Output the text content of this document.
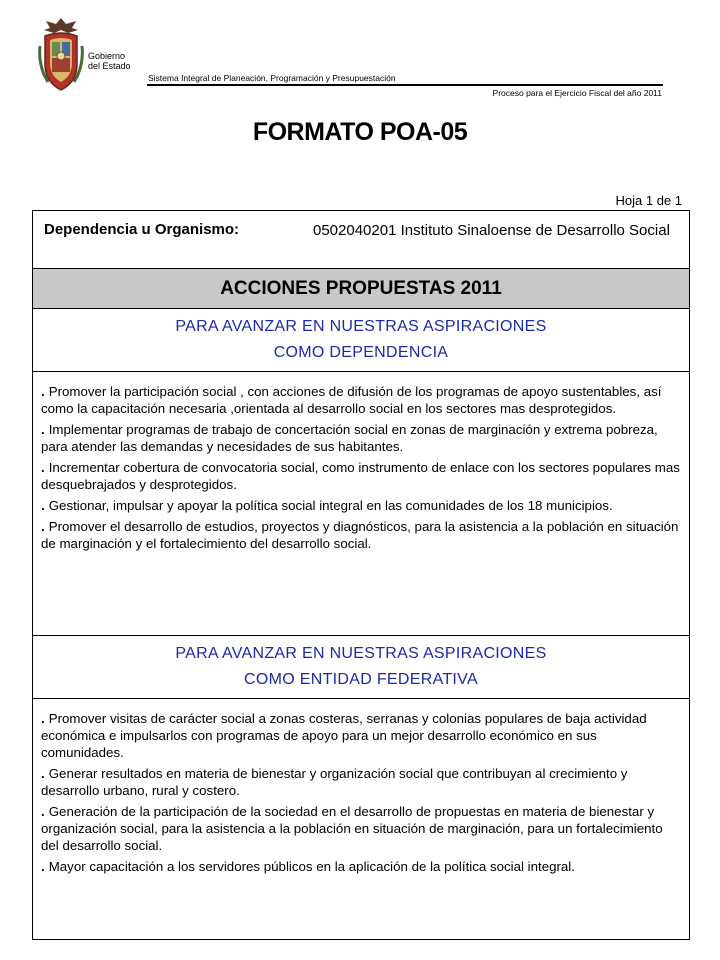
Gobierno
del Estado
Sistema Integral de Planeación, Programación y Presupuestación
Proceso para el Ejercicio Fiscal del año 2011
FORMATO POA-05
Hoja 1 de 1
Dependencia u Organismo:	0502040201 Instituto Sinaloense de Desarrollo Social
ACCIONES PROPUESTAS 2011
PARA AVANZAR EN NUESTRAS ASPIRACIONES
COMO DEPENDENCIA
. Promover la participación social , con acciones de difusión de los programas de apoyo sustentables, así como la capacitación necesaria ,orientada al desarrollo social en los sectores mas desprotegidos.
. Implementar programas de trabajo de concertación social en zonas de marginación y extrema pobreza, para atender las demandas y necesidades de sus habitantes.
. Incrementar cobertura de convocatoria social, como instrumento de enlace con los sectores populares mas desquebrajados y desprotegidos.
. Gestionar, impulsar y apoyar la política social integral en las comunidades de los 18 municipios.
. Promover el desarrollo de estudios, proyectos y diagnósticos, para la asistencia a la población en situación de marginación y el fortalecimiento del desarrollo social.
PARA AVANZAR EN NUESTRAS ASPIRACIONES
COMO ENTIDAD FEDERATIVA
. Promover visitas de carácter social a zonas costeras, serranas y colonias populares de baja actividad económica e impulsarlos con programas de apoyo para un mejor desarrollo económico en sus comunidades.
. Generar resultados en materia de bienestar y organización social que contribuyan al crecimiento y desarrollo urbano, rural y costero.
. Generación de la participación de la sociedad en el desarrollo de propuestas en materia de bienestar y organización social, para la asistencia a la población en situación de marginación, para un fortalecimiento del desarrollo social.
. Mayor capacitación a los servidores públicos en la aplicación de la política social integral.
